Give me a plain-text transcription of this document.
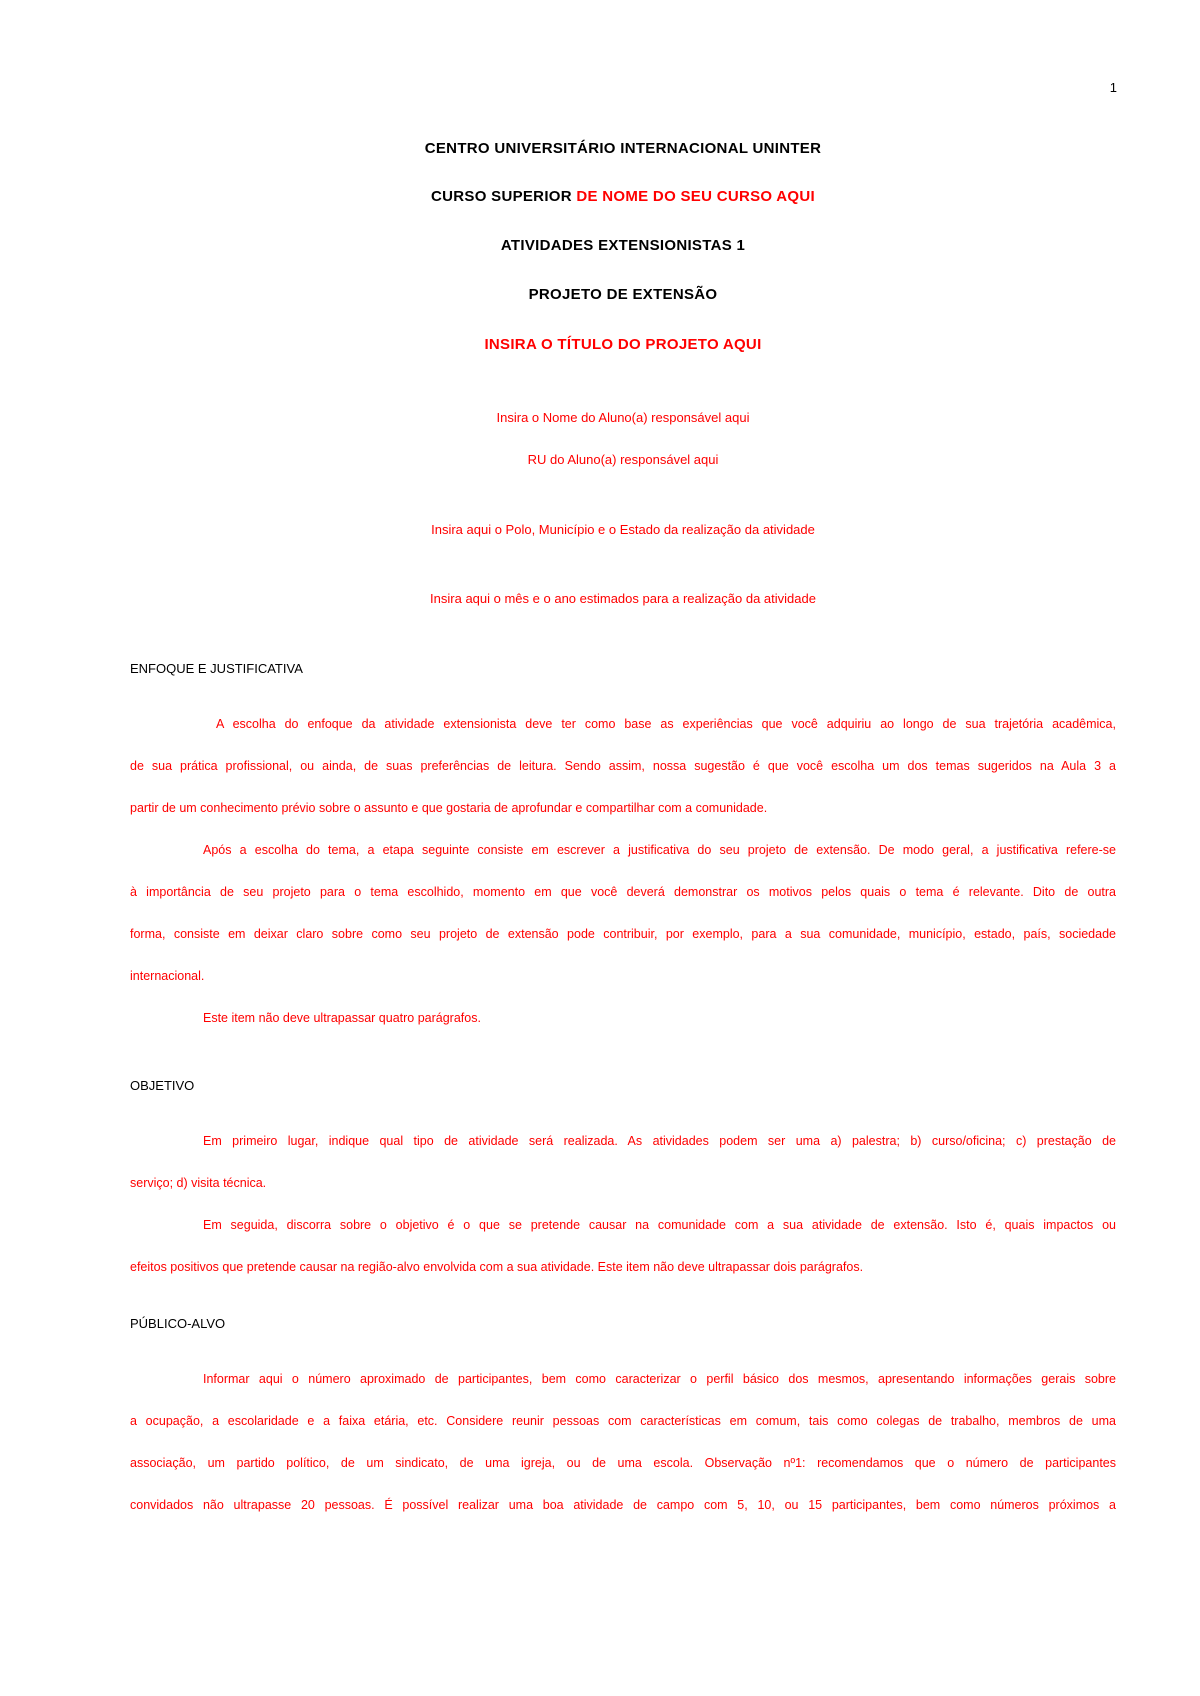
1
CENTRO UNIVERSITÁRIO INTERNACIONAL UNINTER
CURSO SUPERIOR DE NOME DO SEU CURSO AQUI
ATIVIDADES EXTENSIONISTAS 1
PROJETO DE EXTENSÃO
INSIRA O TÍTULO DO PROJETO AQUI
Insira o Nome do Aluno(a) responsável aqui
RU do Aluno(a) responsável aqui
Insira aqui o Polo, Município e o Estado da realização da atividade
Insira aqui o mês e o ano estimados para a realização da atividade
ENFOQUE E JUSTIFICATIVA
A escolha do enfoque da atividade extensionista deve ter como base as experiências que você adquiriu ao longo de sua trajetória acadêmica,
de sua prática profissional, ou ainda, de suas preferências de leitura. Sendo assim, nossa sugestão é que você escolha um dos temas sugeridos na Aula 3 a
partir de um conhecimento prévio sobre o assunto e que gostaria de aprofundar e compartilhar com a comunidade.
Após a escolha do tema, a etapa seguinte consiste em escrever a justificativa do seu projeto de extensão. De modo geral, a justificativa refere-se
à importância de seu projeto para o tema escolhido, momento em que você deverá demonstrar os motivos pelos quais o tema é relevante. Dito de outra
forma, consiste em deixar claro sobre como seu projeto de extensão pode contribuir, por exemplo, para a sua comunidade, município, estado, país, sociedade
internacional.
Este item não deve ultrapassar quatro parágrafos.
OBJETIVO
Em primeiro lugar, indique qual tipo de atividade será realizada. As atividades podem ser uma a) palestra; b) curso/oficina; c) prestação de
serviço; d) visita técnica.
Em seguida, discorra sobre o objetivo é o que se pretende causar na comunidade com a sua atividade de extensão. Isto é, quais impactos ou
efeitos positivos que pretende causar na região-alvo envolvida com a sua atividade. Este item não deve ultrapassar dois parágrafos.
PÚBLICO-ALVO
Informar aqui o número aproximado de participantes, bem como caracterizar o perfil básico dos mesmos, apresentando informações gerais sobre
a ocupação, a escolaridade e a faixa etária, etc. Considere reunir pessoas com características em comum, tais como colegas de trabalho, membros de uma
associação, um partido político, de um sindicato, de uma igreja, ou de uma escola. Observação nº1: recomendamos que o número de participantes
convidados não ultrapasse 20 pessoas. É possível realizar uma boa atividade de campo com 5, 10, ou 15 participantes, bem como números próximos a
